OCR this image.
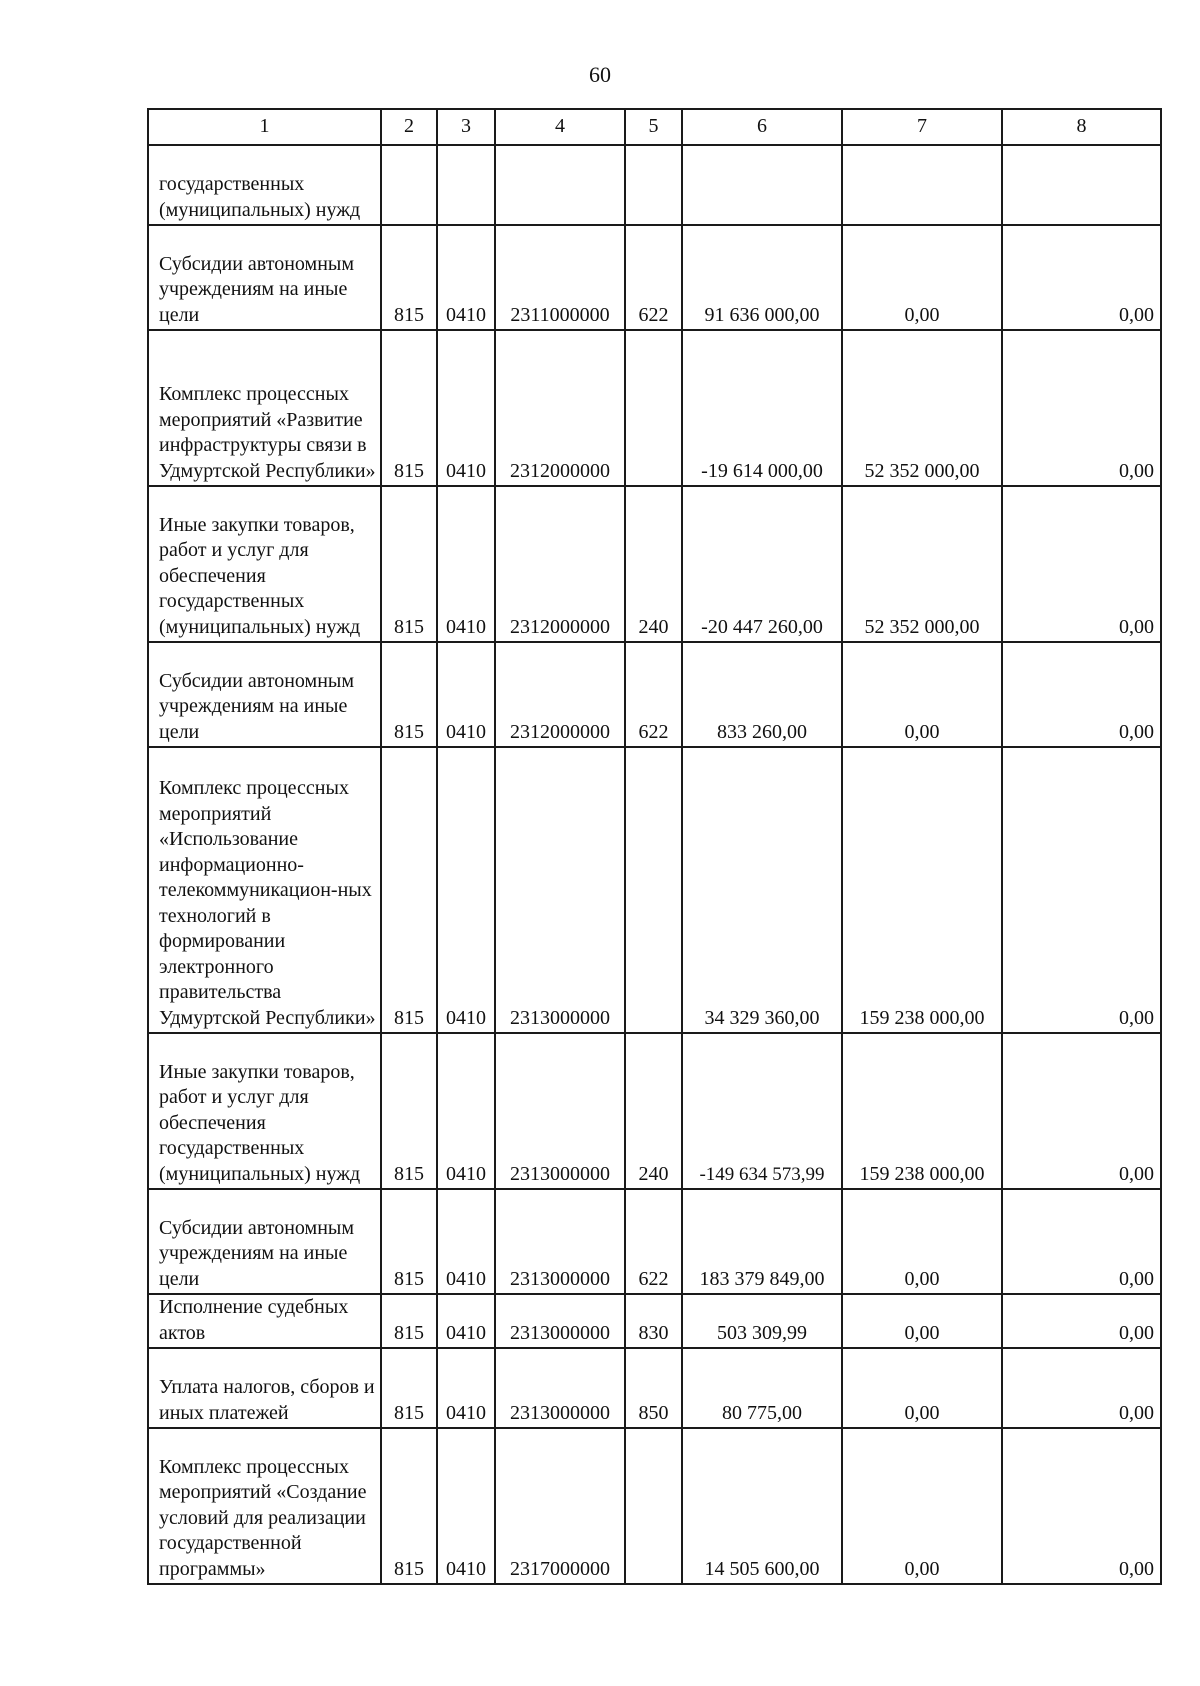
60
1	2	3	4	5	6	7	8
государственных (муниципальных) нужд							
Субсидии автономным учреждениям на иные цели	815	0410	2311000000	622	91 636 000,00	0,00	0,00
Комплекс процессных мероприятий «Развитие инфраструктуры связи в Удмуртской Республики»	815	0410	2312000000		-19 614 000,00	52 352 000,00	0,00
Иные закупки товаров, работ и услуг для обеспечения государственных (муниципальных) нужд	815	0410	2312000000	240	-20 447 260,00	52 352 000,00	0,00
Субсидии автономным учреждениям на иные цели	815	0410	2312000000	622	833 260,00	0,00	0,00
Комплекс процессных мероприятий «Использование информационно-телекоммуникацион-ных технологий в формировании электронного правительства Удмуртской Республики»	815	0410	2313000000		34 329 360,00	159 238 000,00	0,00
Иные закупки товаров, работ и услуг для обеспечения государственных (муниципальных) нужд	815	0410	2313000000	240	-149 634 573,99	159 238 000,00	0,00
Субсидии автономным учреждениям на иные цели	815	0410	2313000000	622	183 379 849,00	0,00	0,00
Исполнение судебных актов	815	0410	2313000000	830	503 309,99	0,00	0,00
Уплата налогов, сборов и иных платежей	815	0410	2313000000	850	80 775,00	0,00	0,00
Комплекс процессных мероприятий «Создание условий для реализации государственной программы»	815	0410	2317000000		14 505 600,00	0,00	0,00
